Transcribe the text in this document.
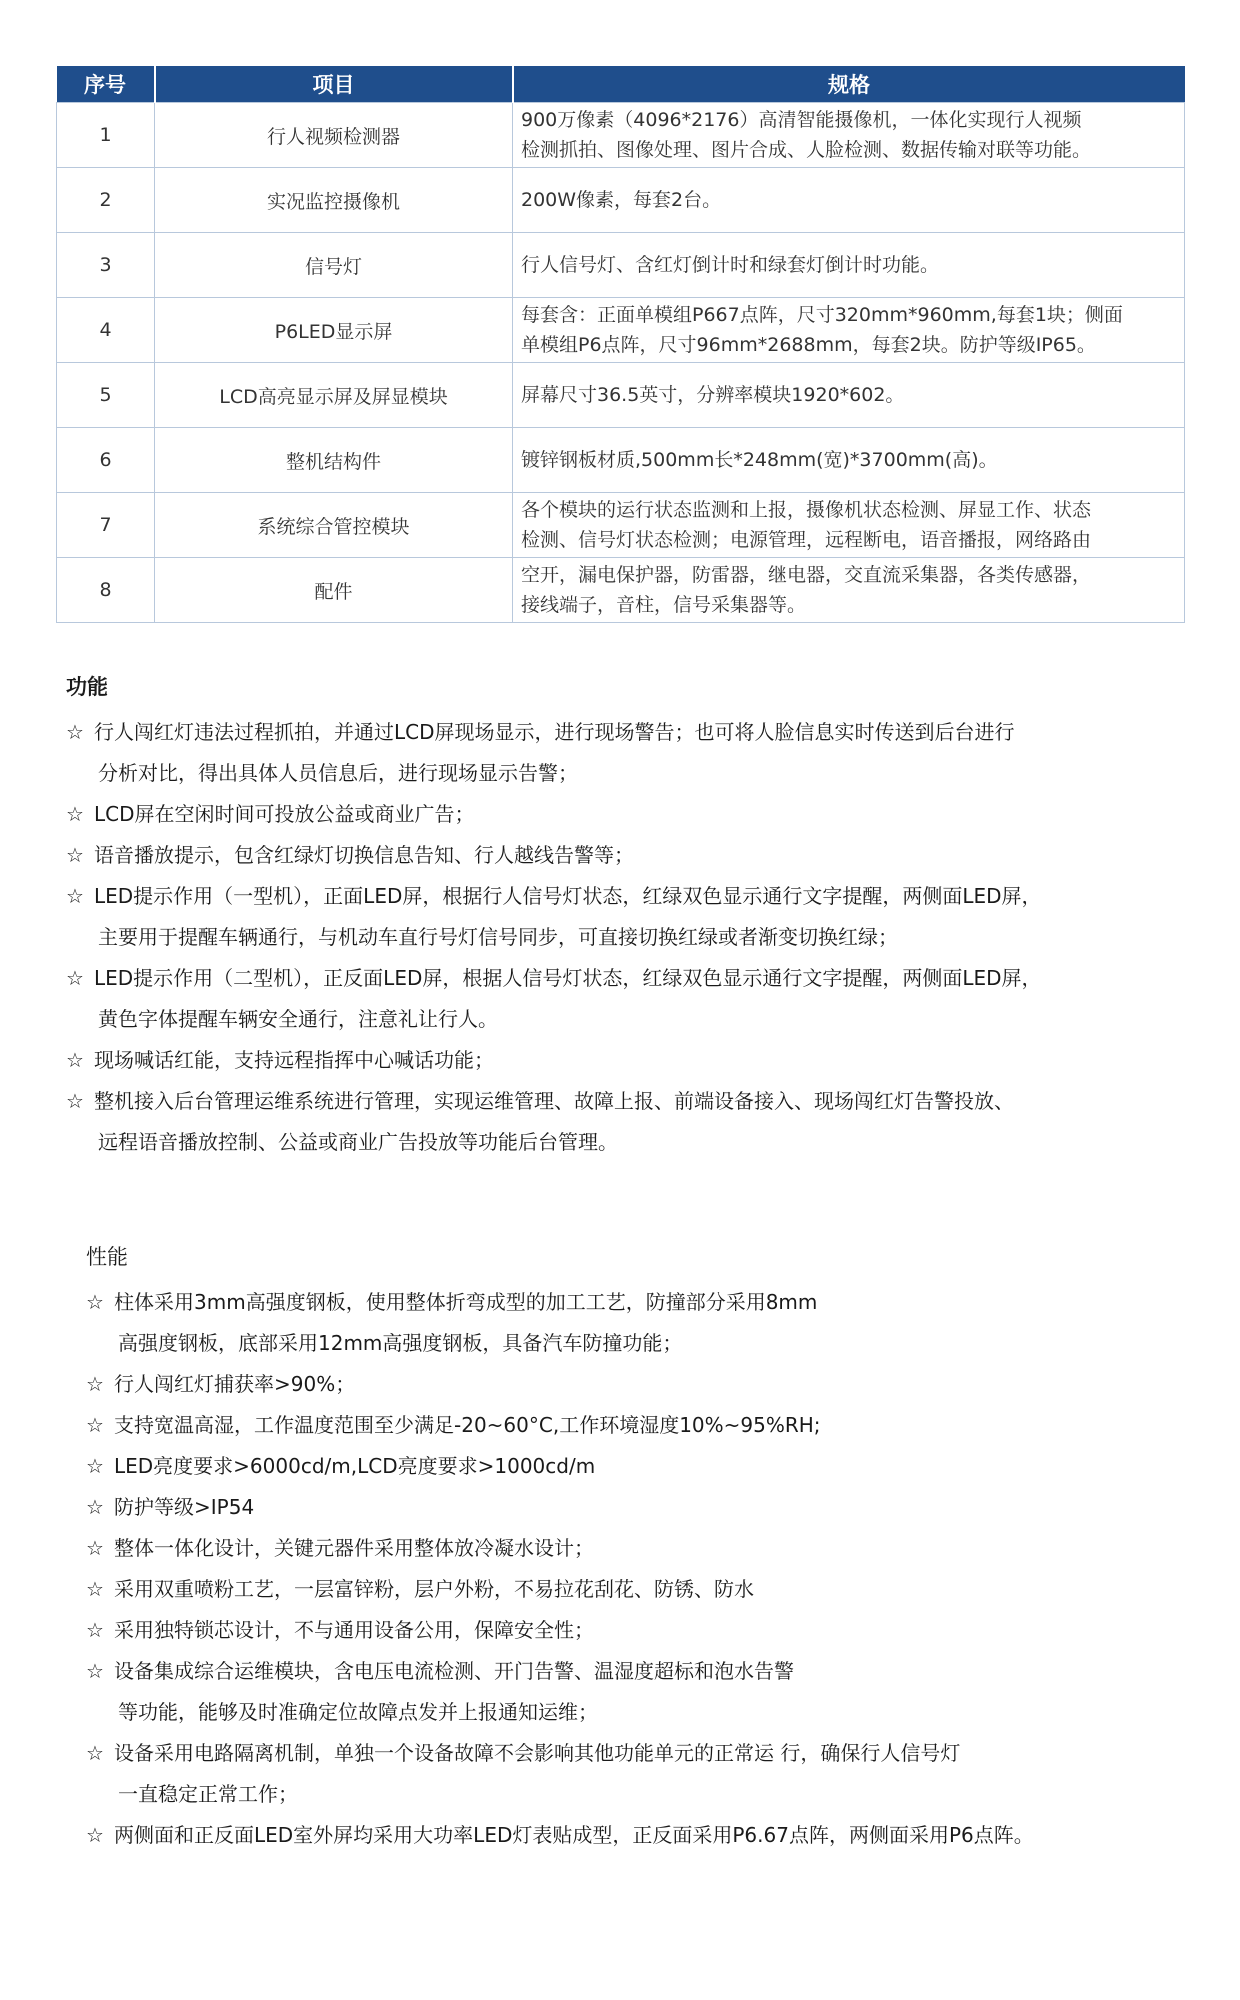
序号	项目	规格
1	行人视频检测器	900万像素（4096*2176）高清智能摄像机，一体化实现行人视频
检测抓拍、图像处理、图片合成、人脸检测、数据传输对联等功能。

2	实况监控摄像机	200W像素，每套2台。

3	信号灯	行人信号灯、含红灯倒计时和绿套灯倒计时功能。

4	P6LED显示屏	每套含：正面单模组P667点阵，尺寸320mm*960mm,每套1块；侧面
单模组P6点阵，尺寸96mm*2688mm，每套2块。防护等级IP65。

5	LCD高亮显示屏及屏显模块	屏幕尺寸36.5英寸，分辨率模块1920*602。

6	整机结构件	镀锌钢板材质,500mm长*248mm(宽)*3700mm(高)。

7	系统综合管控模块	各个模块的运行状态监测和上报，摄像机状态检测、屏显工作、状态
检测、信号灯状态检测；电源管理，远程断电，语音播报，网络路由

8	配件	空开，漏电保护器，防雷器，继电器，交直流采集器，各类传感器，
接线端子，音柱，信号采集器等。
功能
☆ 行人闯红灯违法过程抓拍，并通过LCD屏现场显示，进行现场警告；也可将人脸信息实时传送到后台进行
分析对比，得出具体人员信息后，进行现场显示告警；
☆ LCD屏在空闲时间可投放公益或商业广告；
☆ 语音播放提示，包含红绿灯切换信息告知、行人越线告警等；
☆ LED提示作用（一型机），正面LED屏，根据行人信号灯状态，红绿双色显示通行文字提醒，两侧面LED屏，
主要用于提醒车辆通行，与机动车直行号灯信号同步，可直接切换红绿或者渐变切换红绿；
☆ LED提示作用（二型机），正反面LED屏，根据人信号灯状态，红绿双色显示通行文字提醒，两侧面LED屏，
黄色字体提醒车辆安全通行，注意礼让行人。
☆ 现场喊话红能，支持远程指挥中心喊话功能；
☆ 整机接入后台管理运维系统进行管理，实现运维管理、故障上报、前端设备接入、现场闯红灯告警投放、
远程语音播放控制、公益或商业广告投放等功能后台管理。
性能
☆ 柱体采用3mm高强度钢板，使用整体折弯成型的加工工艺，防撞部分采用8mm
高强度钢板，底部采用12mm高强度钢板，具备汽车防撞功能；
☆ 行人闯红灯捕获率>90%；
☆ 支持宽温高湿，工作温度范围至少满足-20~60°C,工作环境湿度10%~95%RH;
☆ LED亮度要求>6000cd/m,LCD亮度要求>1000cd/m
☆ 防护等级>IP54
☆ 整体一体化设计，关键元器件采用整体放冷凝水设计；
☆ 采用双重喷粉工艺，一层富锌粉，层户外粉，不易拉花刮花、防锈、防水
☆ 采用独特锁芯设计，不与通用设备公用，保障安全性；
☆ 设备集成综合运维模块，含电压电流检测、开门告警、温湿度超标和泡水告警
等功能，能够及时准确定位故障点发并上报通知运维；
☆ 设备采用电路隔离机制，单独一个设备故障不会影响其他功能单元的正常运 行，确保行人信号灯
一直稳定正常工作；
☆ 两侧面和正反面LED室外屏均采用大功率LED灯表贴成型，正反面采用P6.67点阵，两侧面采用P6点阵。
